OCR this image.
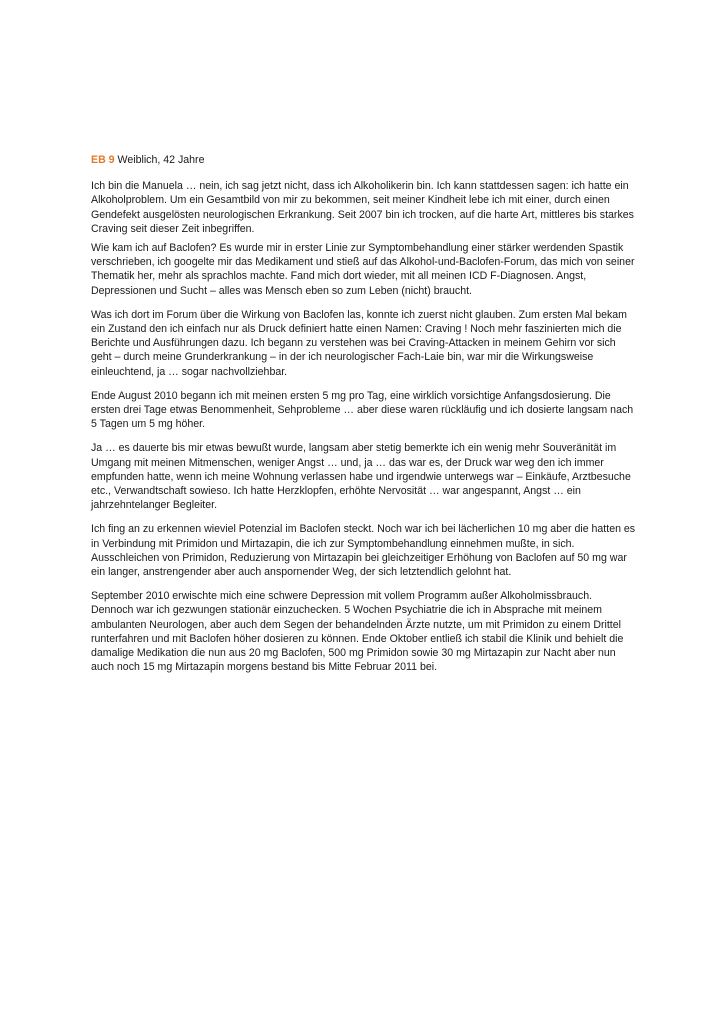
EB 9 Weiblich, 42 Jahre

Ich bin die Manuela … nein, ich sag jetzt nicht, dass ich Alkoholikerin bin. Ich kann stattdessen sagen: ich hatte ein Alkoholproblem. Um ein Gesamtbild von mir zu bekommen, seit meiner Kindheit lebe ich mit einer, durch einen Gendefekt ausgelösten neurologischen Erkrankung. Seit 2007 bin ich trocken, auf die harte Art, mittleres bis starkes Craving seit dieser Zeit inbegriffen.

Wie kam ich auf Baclofen? Es wurde mir in erster Linie zur Symptombehandlung einer stärker werdenden Spastik verschrieben, ich googelte mir das Medikament und stieß auf das Alkohol-und-Baclofen-Forum, das mich von seiner Thematik her, mehr als sprachlos machte. Fand mich dort wieder, mit all meinen ICD F-Diagnosen. Angst, Depressionen und Sucht – alles was Mensch eben so zum Leben (nicht) braucht.

Was ich dort im Forum über die Wirkung von Baclofen las, konnte ich zuerst nicht glauben. Zum ersten Mal bekam ein Zustand den ich einfach nur als Druck definiert hatte einen Namen: Craving ! Noch mehr faszinierten mich die Berichte und Ausführungen dazu. Ich begann zu verstehen was bei Craving-Attacken in meinem Gehirn vor sich geht – durch meine Grunderkrankung – in der ich neurologischer Fach-Laie bin, war mir die Wirkungsweise einleuchtend, ja … sogar nachvollziehbar.

Ende August 2010 begann ich mit meinen ersten 5 mg pro Tag, eine wirklich vorsichtige Anfangsdosierung. Die ersten drei Tage etwas Benommenheit, Sehprobleme … aber diese waren rückläufig und ich dosierte langsam nach 5 Tagen um 5 mg höher.

Ja … es dauerte bis mir etwas bewußt wurde, langsam aber stetig bemerkte ich ein wenig mehr Souveränität im Umgang mit meinen Mitmenschen, weniger Angst … und, ja … das war es, der Druck war weg den ich immer empfunden hatte, wenn ich meine Wohnung verlassen habe und irgendwie unterwegs war – Einkäufe, Arztbesuche etc., Verwandtschaft sowieso. Ich hatte Herzklopfen, erhöhte Nervosität … war angespannt, Angst … ein jahrzehntelanger Begleiter.

Ich fing an zu erkennen wieviel Potenzial im Baclofen steckt. Noch war ich bei lächerlichen 10 mg aber die hatten es in Verbindung mit Primidon und Mirtazapin, die ich zur Symptombehandlung einnehmen mußte, in sich. Ausschleichen von Primidon, Reduzierung von Mirtazapin bei gleichzeitiger Erhöhung von Baclofen auf 50 mg war ein langer, anstrengender aber auch anspornender Weg, der sich letztendlich gelohnt hat.

September 2010 erwischte mich eine schwere Depression mit vollem Programm außer Alkoholmissbrauch. Dennoch war ich gezwungen stationär einzuchecken. 5 Wochen Psychiatrie die ich in Absprache mit meinem ambulanten Neurologen, aber auch dem Segen der behandelnden Ärzte nutzte, um mit Primidon zu einem Drittel runterfahren und mit Baclofen höher dosieren zu können. Ende Oktober entließ ich stabil die Klinik und behielt die damalige Medikation die nun aus 20 mg Baclofen, 500 mg Primidon sowie 30 mg Mirtazapin zur Nacht aber nun auch noch 15 mg Mirtazapin morgens bestand bis Mitte Februar 2011 bei.
